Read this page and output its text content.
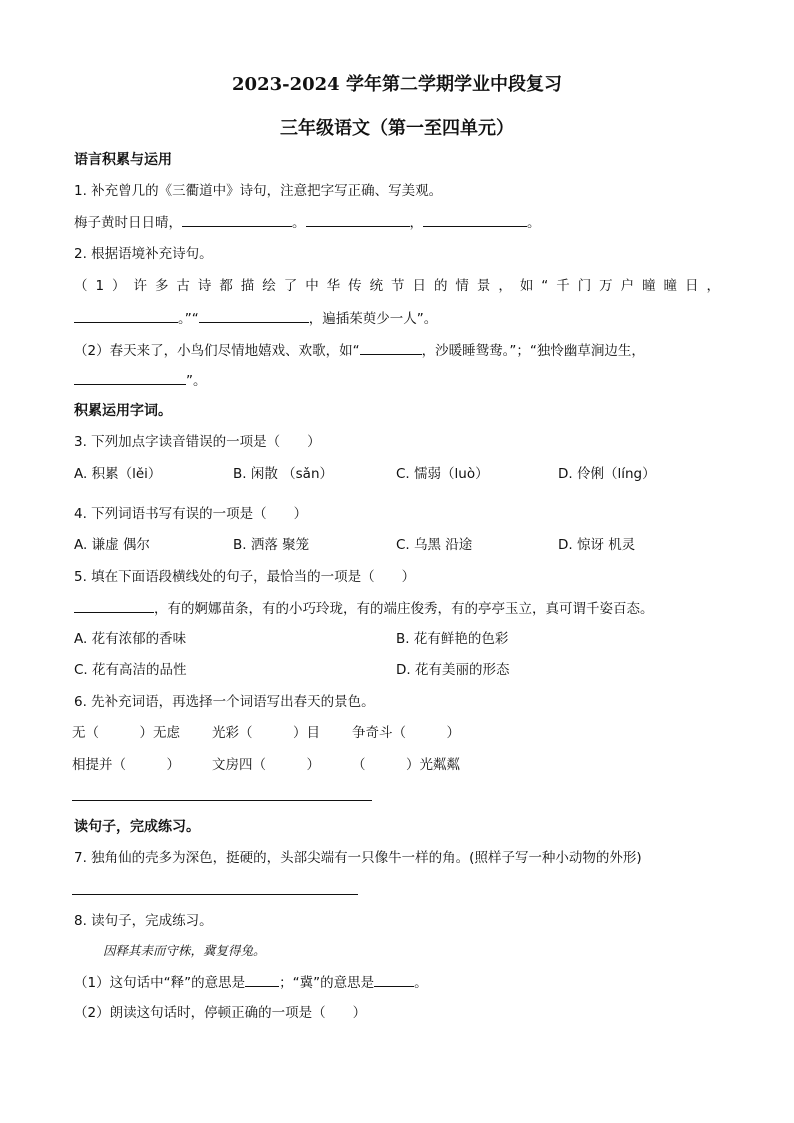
2023-2024 学年第二学期学业中段复习
三年级语文（第一至四单元）
语言积累与运用
1. 补充曾几的《三衢道中》诗句，注意把字写正确、写美观。
梅子黄时日日晴，	。	，	。
2. 根据语境补充诗句。
（1）许多古诗都描绘了中华传统节日的情景，如“千门万户曈曈日，
。”“	，遍插茱萸少一人”。
（2）春天来了，小鸟们尽情地嬉戏、欢歌，如“	，沙暖睡鸳鸯。”；“独怜幽草涧边生，
”。
积累运用字词。
3. 下列加点字读音错误的一项是（　　）
A. 积累（lěi）	B. 闲散 （sǎn）	C. 懦弱（luò）	D. 伶俐（líng）
4. 下列词语书写有误的一项是（　　）
A. 谦虚 偶尔	B. 洒落 聚笼	C. 乌黑 沿途	D. 惊讶 机灵
5. 填在下面语段横线处的句子，最恰当的一项是（　　）
，有的婀娜苗条，有的小巧玲珑，有的端庄俊秀，有的亭亭玉立，真可谓千姿百态。
A. 花有浓郁的香味	B. 花有鲜艳的色彩
C. 花有高洁的品性	D. 花有美丽的形态
6. 先补充词语，再选择一个词语写出春天的景色。
无（　　　）无虑 光彩（　　　）目 争奇斗（　　　）
相提并（　　　） 文房四（　　　） （　　　）光粼粼
读句子，完成练习。
7. 独角仙的壳多为深色，挺硬的，头部尖端有一只像牛一样的角。(照样子写一种小动物的外形)
8. 读句子，完成练习。
因释其耒而守株，冀复得兔。
（1）这句话中“释”的意思是	；“冀”的意思是	。
（2）朗读这句话时，停顿正确的一项是（　　）
